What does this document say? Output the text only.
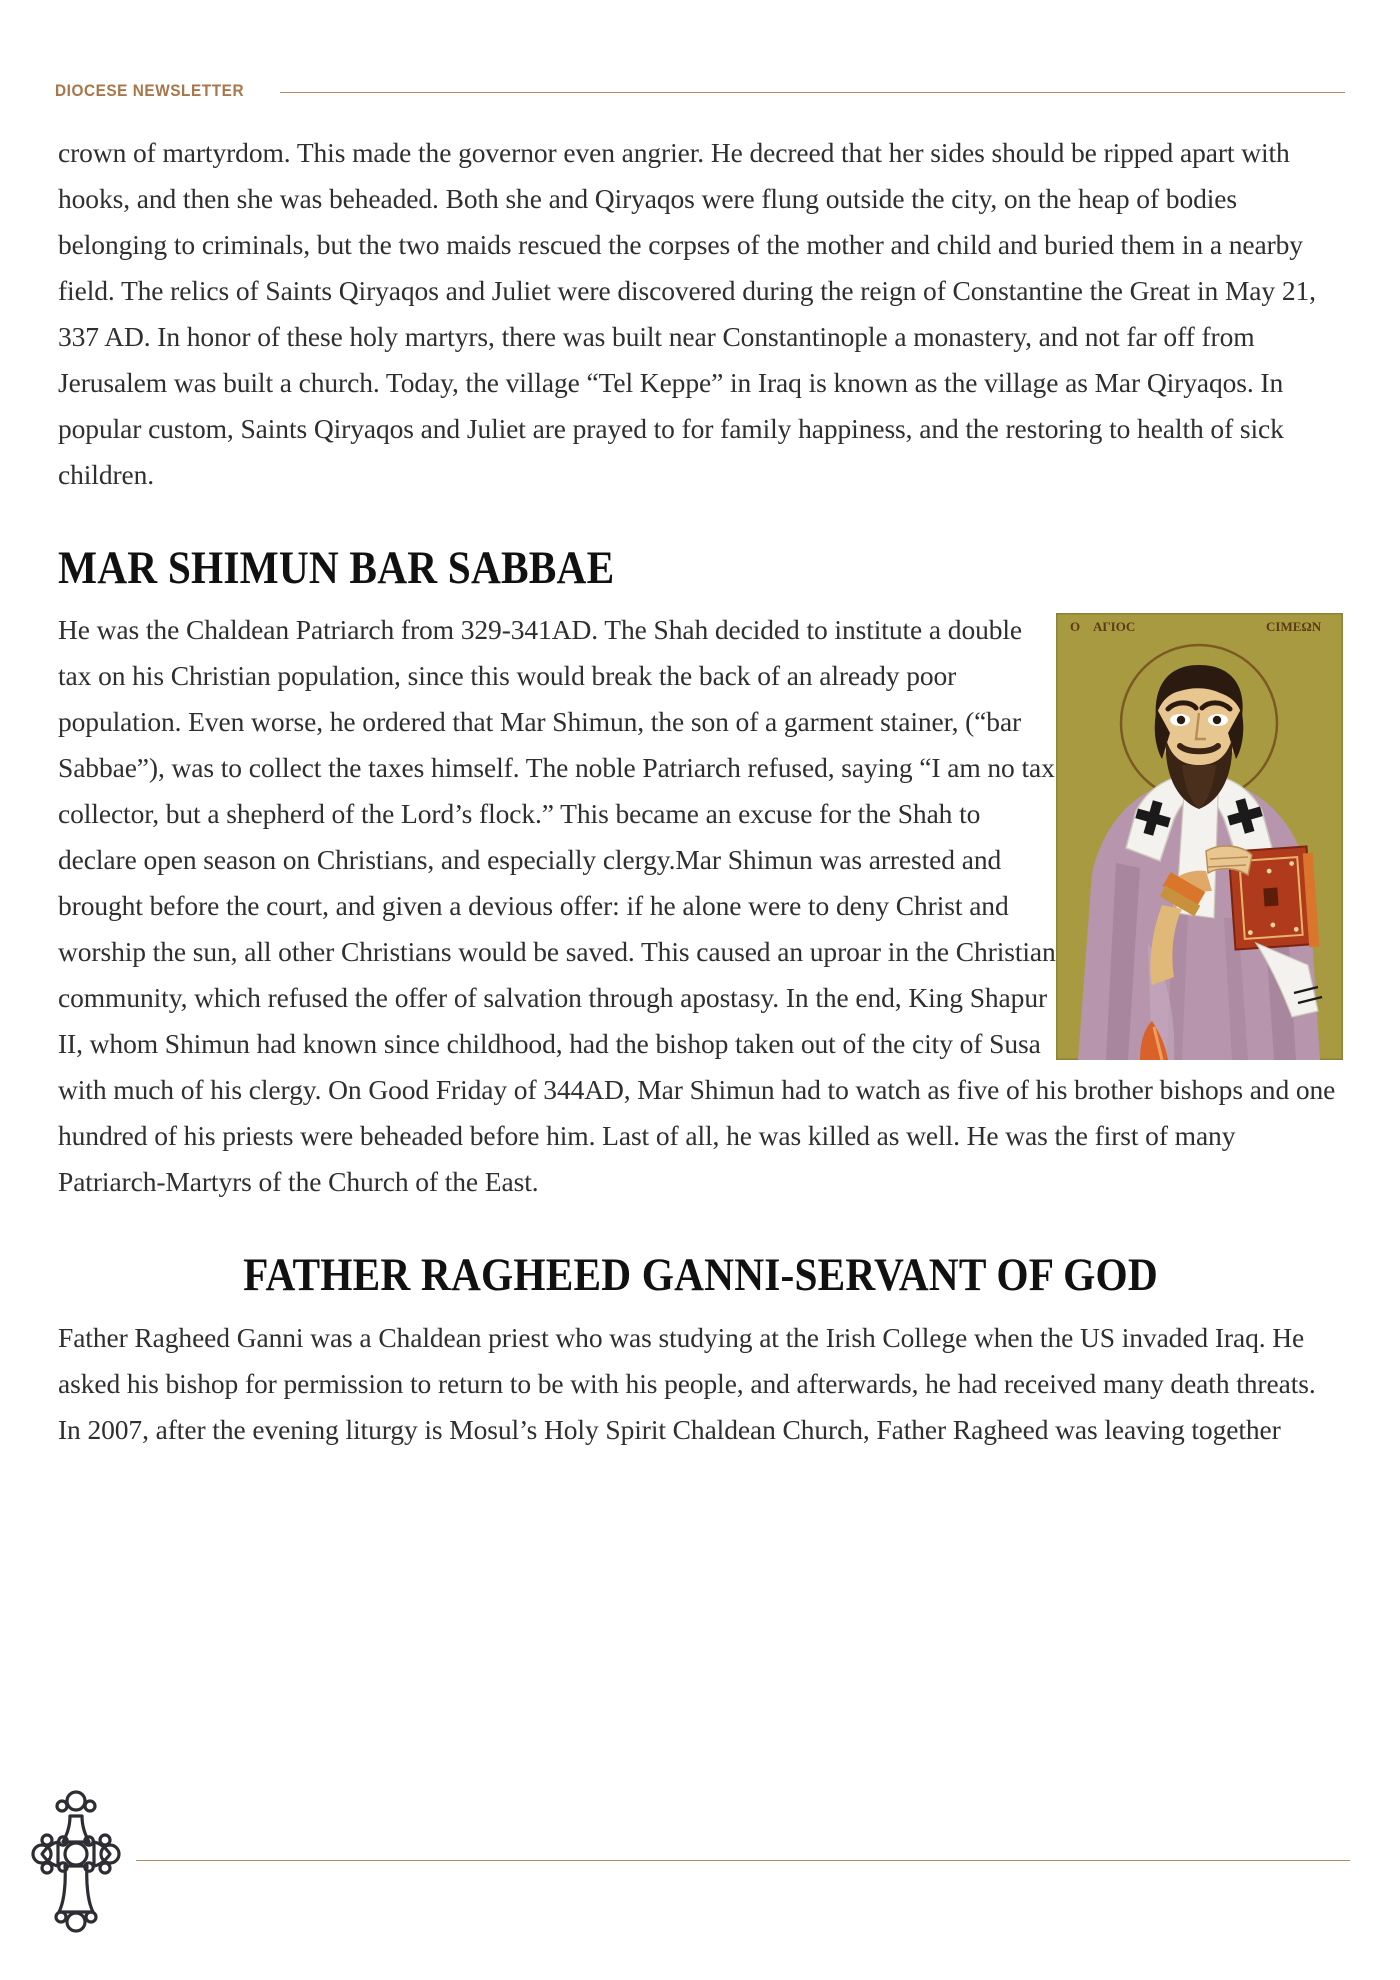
DIOCESE NEWSLETTER

crown of martyrdom. This made the governor even angrier. He decreed that her sides should be ripped apart with hooks, and then she was beheaded. Both she and Qiryaqos were flung outside the city, on the heap of bodies belonging to criminals, but the two maids rescued the corpses of the mother and child and buried them in a nearby field. The relics of Saints Qiryaqos and Juliet were discovered during the reign of Constantine the Great in May 21, 337 AD. In honor of these holy martyrs, there was built near Constantinople a monastery, and not far off from Jerusalem was built a church. Today, the village “Tel Keppe” in Iraq is known as the village as Mar Qiryaqos. In popular custom, Saints Qiryaqos and Juliet are prayed to for family happiness, and the restoring to health of sick children.

MAR SHIMUN BAR SABBAE
O ΑΓΙΟC	CΙΜΕΩΝ

He was the Chaldean Patriarch from 329-341AD. The Shah decided to institute a double tax on his Christian population, since this would break the back of an already poor population. Even worse, he ordered that Mar Shimun, the son of a garment stainer, (“bar Sabbae”), was to collect the taxes himself. The noble Patriarch refused, saying “I am no tax collector, but a shepherd of the Lord’s flock.” This became an excuse for the Shah to declare open season on Christians, and especially clergy.Mar Shimun was arrested and brought before the court, and given a devious offer: if he alone were to deny Christ and worship the sun, all other Christians would be saved. This caused an uproar in the Christian community, which refused the offer of salvation through apostasy. In the end, King Shapur II, whom Shimun had known since childhood, had the bishop taken out of the city of Susa with much of his clergy. On Good Friday of 344AD, Mar Shimun had to watch as five of his brother bishops and one hundred of his priests were beheaded before him. Last of all, he was killed as well. He was the first of many Patriarch-Martyrs of the Church of the East.

FATHER RAGHEED GANNI-SERVANT OF GOD

Father Ragheed Ganni was a Chaldean priest who was studying at the Irish College when the US invaded Iraq. He asked his bishop for permission to return to be with his people, and afterwards, he had received many death threats. In 2007, after the evening liturgy is Mosul’s Holy Spirit Chaldean Church, Father Ragheed was leaving together
